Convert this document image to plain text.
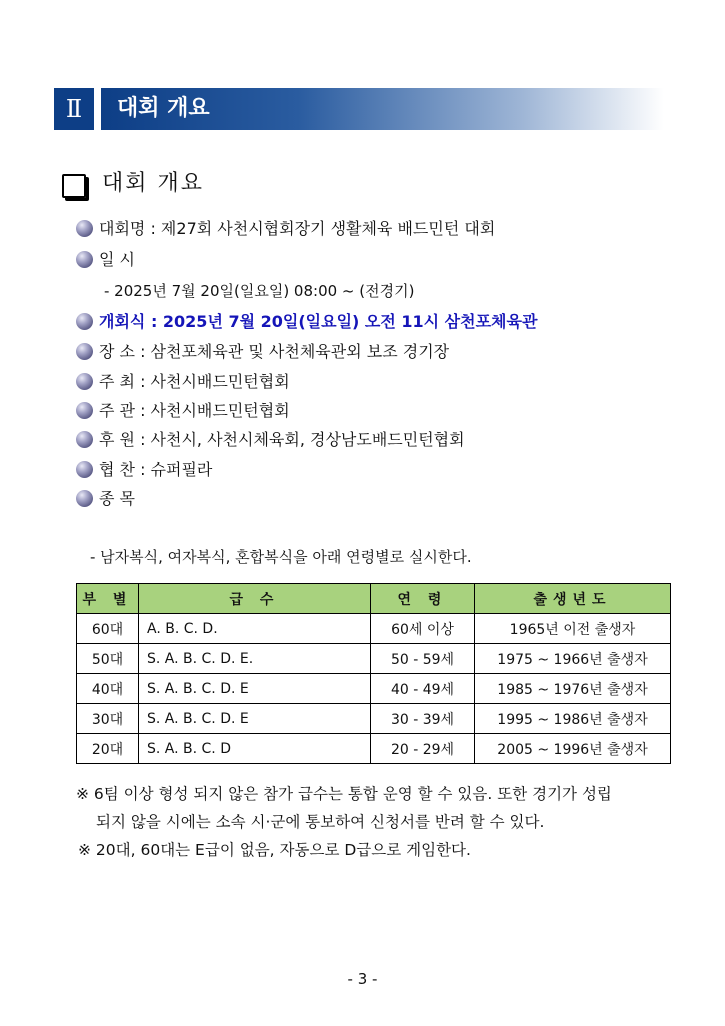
Ⅱ	대회 개요
대회 개요
대회명 : 제27회 사천시협회장기 생활체육 배드민턴 대회
일 시
- 2025년 7월 20일(일요일) 08:00 ~ (전경기)
개회식 : 2025년 7월 20일(일요일) 오전 11시 삼천포체육관
장 소 : 삼천포체육관 및 사천체육관외 보조 경기장
주 최 : 사천시배드민턴협회
주 관 : 사천시배드민턴협회
후 원 : 사천시, 사천시체육회, 경상남도배드민턴협회
협 찬 : 슈퍼필라
종 목
- 남자복식, 여자복식, 혼합복식을 아래 연령별로 실시한다.
부 별	급 수	연 령	출생년도
60대	A. B. C. D.	60세 이상	1965년 이전 출생자
50대	S. A. B. C. D. E.	50 - 59세	1975 ~ 1966년 출생자
40대	S. A. B. C. D. E	40 - 49세	1985 ~ 1976년 출생자
30대	S. A. B. C. D. E	30 - 39세	1995 ~ 1986년 출생자
20대	S. A. B. C. D	20 - 29세	2005 ~ 1996년 출생자
※ 6팀 이상 형성 되지 않은 참가 급수는 통합 운영 할 수 있음. 또한 경기가 성립
되지 않을 시에는 소속 시·군에 통보하여 신청서를 반려 할 수 있다.
※ 20대, 60대는 E급이 없음, 자동으로 D급으로 게임한다.
- 3 -
